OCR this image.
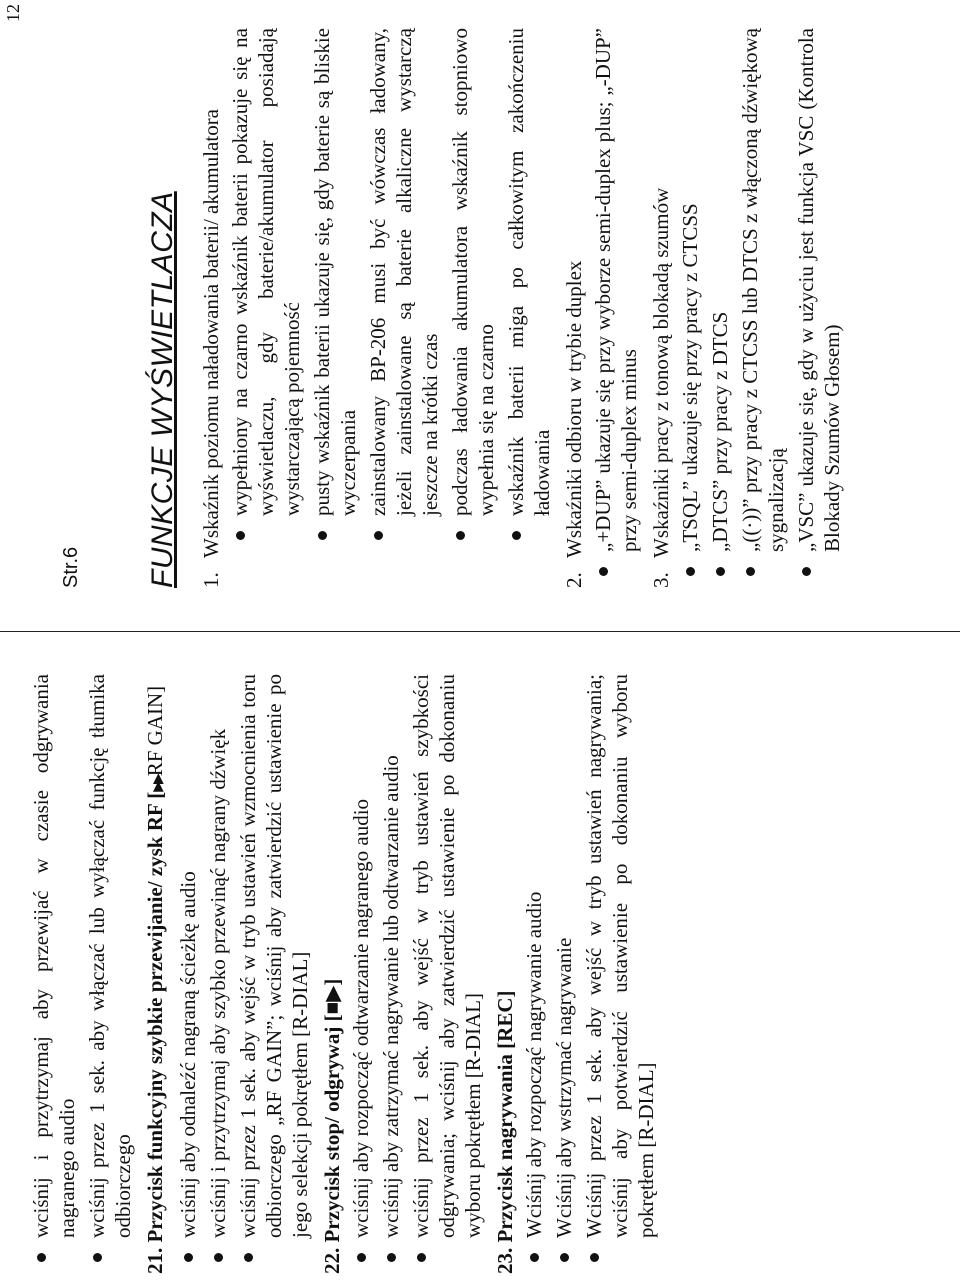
12
wciśnij i przytrzymaj aby przewijać w czasie odgrywania nagranego audio wciśnij przez 1 sek. aby włączać lub wyłączać funkcję tłumika odbiorczego 21. Przycisk funkcyjny szybkie przewijanie/ zysk RF [▶▶RF GAIN]
wciśnij aby odnaleźć nagraną ścieżkę audio wciśnij i przytrzymaj aby szybko przewinąć nagrany dźwięk wciśnij przez 1 sek. aby wejść w tryb ustawień wzmocnienia toru odbiorczego „RF GAIN”; wciśnij aby zatwierdzić ustawienie po jego selekcji pokrętłem [R-DIAL] 22. Przycisk stop/ odgrywaj [■▶] wciśnij aby rozpocząć odtwarzanie nagranego audio wciśnij aby zatrzymać nagrywanie lub odtwarzanie audio wciśnij przez 1 sek. aby wejść w tryb ustawień szybkości odgrywania; wciśnij aby zatwierdzić ustawienie po dokonaniu wyboru pokrętłem [R-DIAL] 23. Przycisk nagrywania [REC] Wciśnij aby rozpocząć nagrywanie audio Wciśnij aby wstrzymać nagrywanie Wciśnij przez 1 sek. aby wejść w tryb ustawień nagrywania; wciśnij aby potwierdzić ustawienie po dokonaniu wyboru pokrętłem [R-DIAL]
Str.6 FUNKCJE WYŚWIETLACZA 1.Wskaźnik poziomu naładowania baterii/ akumulatora wypełniony na czarno wskaźnik baterii pokazuje się na wyświetlaczu, gdy baterie/akumulator posiadają wystarczającą pojemność pusty wskaźnik baterii ukazuje się, gdy baterie są bliskie wyczerpania zainstalowany BP-206 musi być wówczas ładowany, jeżeli zainstalowane są baterie alkaliczne wystarczą jeszcze na krótki czas podczas ładowania akumulatora wskaźnik stopniowo wypełnia się na czarno wskaźnik baterii miga po całkowitym zakończeniu ładowania
2.Wskaźniki odbioru w trybie duplex „+DUP” ukazuje się przy wyborze semi-duplex plus; „-DUP” przy semi-duplex minus
3.Wskaźniki pracy z tonową blokadą szumów „TSQL” ukazuje się przy pracy z CTCSS „DTCS” przy pracy z DTCS „((·))” przy pracy z CTCSS lub DTCS z włączoną dźwiękową sygnalizacją „VSC” ukazuje się, gdy w użyciu jest funkcja VSC (Kontrola Blokady Szumów Głosem)
